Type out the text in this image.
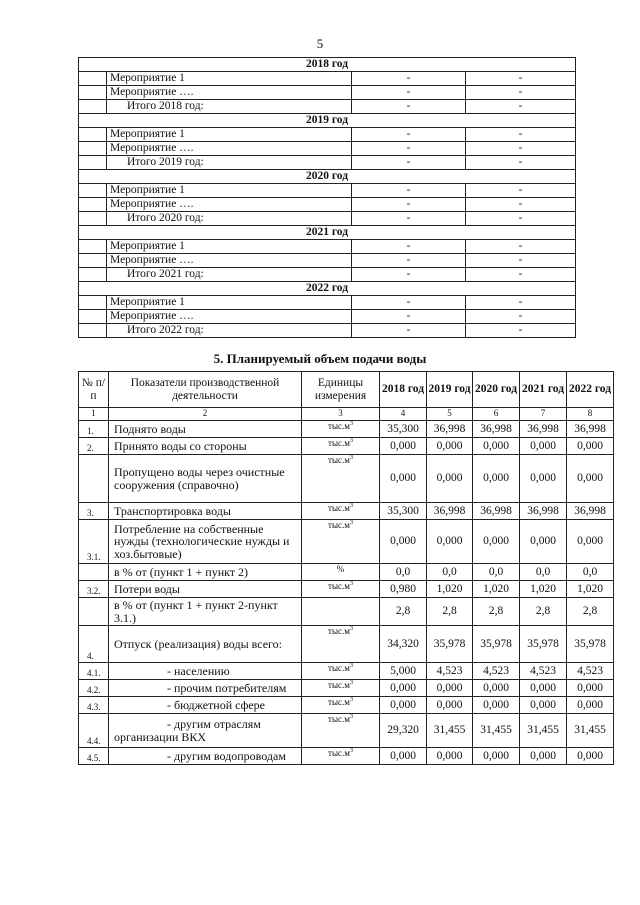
5
2018 год			
	Мероприятие 1	-	-
	Мероприятие ….	-	-
	Итого 2018 год:	-	-
2019 год			
	Мероприятие 1	-	-
	Мероприятие ….	-	-
	Итого 2019 год:	-	-
2020 год			
	Мероприятие 1	-	-
	Мероприятие ….	-	-
	Итого 2020 год:	-	-
2021 год			
	Мероприятие 1	-	-
	Мероприятие ….	-	-
	Итого 2021 год:	-	-
2022 год			
	Мероприятие 1	-	-
	Мероприятие ….	-	-
	Итого 2022 год:	-	-
5. Планируемый объем подачи воды
№ п/п	Показатели производственной деятельности	Единицы измерения	2018 год	2019 год	2020 год	2021 год	2022 год
1	2	3	4	5	6	7	8
1.	Поднято воды	$тыс.м^3$	35,300	36,998	36,998	36,998	36,998
2.	Принято воды со стороны	$тыс.м^3$	0,000	0,000	0,000	0,000	0,000
	Пропущено воды через очистные сооружения (справочно)	$тыс.м^3$	0,000	0,000	0,000	0,000	0,000
3.	Транспортировка воды	$тыс.м^3$	35,300	36,998	36,998	36,998	36,998
3.1.	Потребление на собственные нужды (технологические нужды и хоз.бытовые)	$тыс.м^3$	0,000	0,000	0,000	0,000	0,000
	в % от (пункт 1 + пункт 2)	%	0,0	0,0	0,0	0,0	0,0
3.2.	Потери воды	$тыс.м^3$	0,980	1,020	1,020	1,020	1,020
	в % от (пункт 1 + пункт 2-пункт 3.1.)		2,8	2,8	2,8	2,8	2,8
4.	Отпуск (реализация) воды всего:	$тыс.м^3$	34,320	35,978	35,978	35,978	35,978
4.1.	- населению	$тыс.м^3$	5,000	4,523	4,523	4,523	4,523
4.2.	- прочим потребителям	$тыс.м^3$	0,000	0,000	0,000	0,000	0,000
4.3.	- бюджетной сфере	$тыс.м^3$	0,000	0,000	0,000	0,000	0,000
4.4.	- другим отраслям
организации ВКХ	$тыс.м^3$	29,320	31,455	31,455	31,455	31,455
4.5.	- другим водопроводам	$тыс.м^3$	0,000	0,000	0,000	0,000	0,000
